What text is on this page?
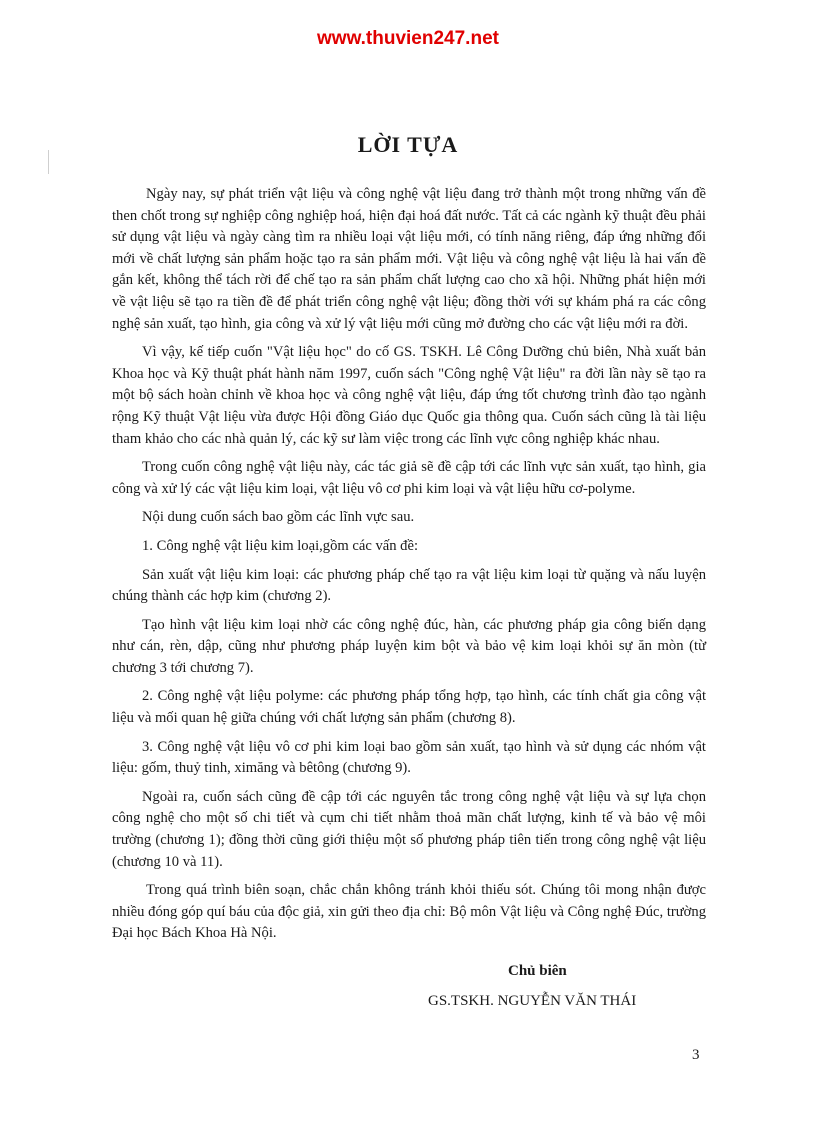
www.thuvien247.net
LỜI TỰA

Ngày nay, sự phát triển vật liệu và công nghệ vật liệu đang trở thành một trong những vấn đề then chốt trong sự nghiệp công nghiệp hoá, hiện đại hoá đất nước. Tất cả các ngành kỹ thuật đều phải sử dụng vật liệu và ngày càng tìm ra nhiều loại vật liệu mới, có tính năng riêng, đáp ứng những đổi mới về chất lượng sản phẩm hoặc tạo ra sản phẩm mới. Vật liệu và công nghệ vật liệu là hai vấn đề gắn kết, không thể tách rời để chế tạo ra sản phẩm chất lượng cao cho xã hội. Những phát hiện mới về vật liệu sẽ tạo ra tiền đề để phát triển công nghệ vật liệu; đồng thời với sự khám phá ra các công nghệ sản xuất, tạo hình, gia công và xử lý vật liệu mới cũng mở đường cho các vật liệu mới ra đời.

Vì vậy, kế tiếp cuốn "Vật liệu học" do cố GS. TSKH. Lê Công Dưỡng chủ biên, Nhà xuất bản Khoa học và Kỹ thuật phát hành năm 1997, cuốn sách "Công nghệ Vật liệu" ra đời lần này sẽ tạo ra một bộ sách hoàn chỉnh về khoa học và công nghệ vật liệu, đáp ứng tốt chương trình đào tạo ngành rộng Kỹ thuật Vật liệu vừa được Hội đồng Giáo dục Quốc gia thông qua. Cuốn sách cũng là tài liệu tham khảo cho các nhà quản lý, các kỹ sư làm việc trong các lĩnh vực công nghiệp khác nhau.

Trong cuốn công nghệ vật liệu này, các tác giả sẽ đề cập tới các lĩnh vực sản xuất, tạo hình, gia công và xử lý các vật liệu kim loại, vật liệu vô cơ phi kim loại và vật liệu hữu cơ-polyme.

Nội dung cuốn sách bao gồm các lĩnh vực sau.

1. Công nghệ vật liệu kim loại,gồm các vấn đề:

Sản xuất vật liệu kim loại: các phương pháp chế tạo ra vật liệu kim loại từ quặng và nấu luyện chúng thành các hợp kim (chương 2).

Tạo hình vật liệu kim loại nhờ các công nghệ đúc, hàn, các phương pháp gia công biến dạng như cán, rèn, dập, cũng như phương pháp luyện kim bột và bảo vệ kim loại khỏi sự ăn mòn (từ chương 3 tới chương 7).

2. Công nghệ vật liệu polyme: các phương pháp tổng hợp, tạo hình, các tính chất gia công vật liệu và mối quan hệ giữa chúng với chất lượng sản phẩm (chương 8).

3. Công nghệ vật liệu vô cơ phi kim loại bao gồm sản xuất, tạo hình và sử dụng các nhóm vật liệu: gốm, thuỷ tinh, ximăng và bêtông (chương 9).

Ngoài ra, cuốn sách cũng đề cập tới các nguyên tắc trong công nghệ vật liệu và sự lựa chọn công nghệ cho một số chi tiết và cụm chi tiết nhằm thoả mãn chất lượng, kinh tế và bảo vệ môi trường (chương 1); đồng thời cũng giới thiệu một số phương pháp tiên tiến trong công nghệ vật liệu (chương 10 và 11).

Trong quá trình biên soạn, chắc chắn không tránh khỏi thiếu sót. Chúng tôi mong nhận được nhiều đóng góp quí báu của độc giả, xin gửi theo địa chỉ: Bộ môn Vật liệu và Công nghệ Đúc, trường Đại học Bách Khoa Hà Nội.

Chủ biên
GS.TSKH. NGUYỄN VĂN THÁI
3
